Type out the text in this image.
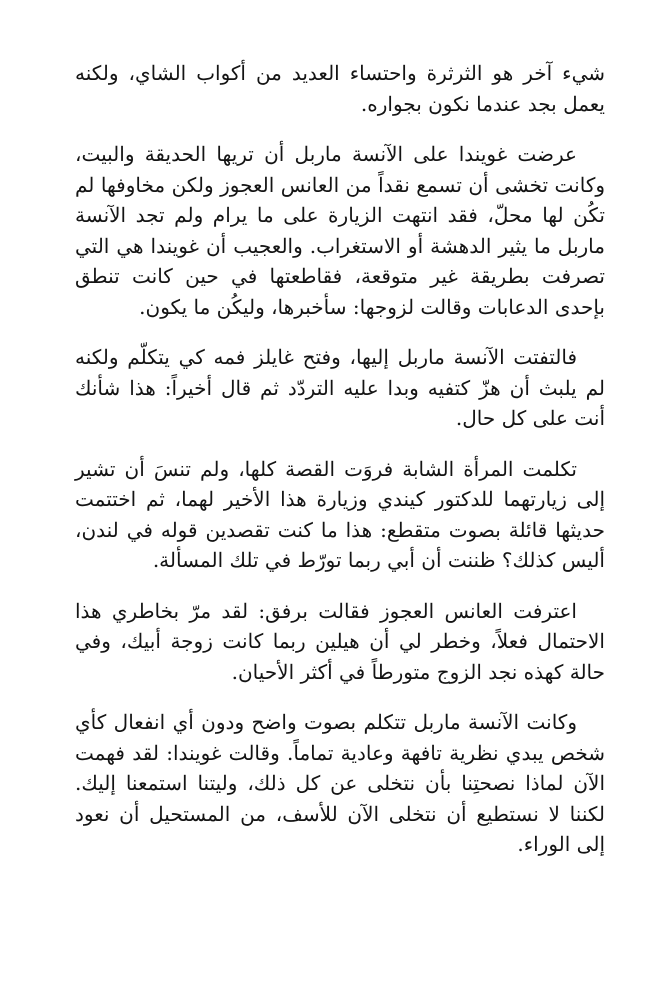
شيء آخر هو الثرثرة واحتساء العديد من أكواب الشاي، ولكنه يعمل بجد عندما نكون بجواره.

عرضت غويندا على الآنسة ماربل أن تريها الحديقة والبيت، وكانت تخشى أن تسمع نقداً من العانس العجوز ولكن مخاوفها لم تكُن لها محلّ، فقد انتهت الزيارة على ما يرام ولم تجد الآنسة ماربل ما يثير الدهشة أو الاستغراب. والعجيب أن غويندا هي التي تصرفت بطريقة غير متوقعة، فقاطعتها في حين كانت تنطق بإحدى الدعابات وقالت لزوجها: سأخبرها، وليكُن ما يكون.

فالتفتت الآنسة ماربل إليها، وفتح غايلز فمه كي يتكلّم ولكنه لم يلبث أن هزّ كتفيه وبدا عليه التردّد ثم قال أخيراً: هذا شأنك أنت على كل حال.

تكلمت المرأة الشابة فروَت القصة كلها، ولم تنسَ أن تشير إلى زيارتهما للدكتور كيندي وزيارة هذا الأخير لهما، ثم اختتمت حديثها قائلة بصوت متقطع: هذا ما كنت تقصدين قوله في لندن، أليس كذلك؟ ظننت أن أبي ربما تورّط في تلك المسألة.

اعترفت العانس العجوز فقالت برفق: لقد مرّ بخاطري هذا الاحتمال فعلاً، وخطر لي أن هيلين ربما كانت زوجة أبيك، وفي حالة كهذه نجد الزوج متورطاً في أكثر الأحيان.

وكانت الآنسة ماربل تتكلم بصوت واضح ودون أي انفعال كأي شخص يبدي نظرية تافهة وعادية تماماً. وقالت غويندا: لقد فهمت الآن لماذا نصحتِنا بأن نتخلى عن كل ذلك، وليتنا استمعنا إليك. لكننا لا نستطيع أن نتخلى الآن للأسف، من المستحيل أن نعود إلى الوراء.
